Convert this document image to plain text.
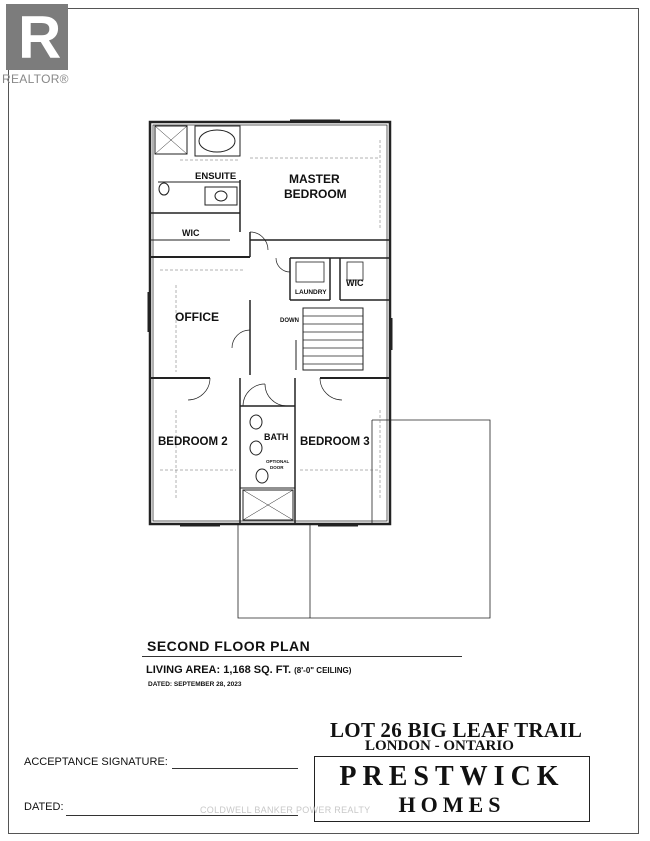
R
REALTOR®
ENSUITE	MASTER
BEDROOM
WIC
WIC
LAUNDRY
OFFICE	DOWN
BATH
BEDROOM 2	BEDROOM 3
OPTIONAL
DOOR
SECOND FLOOR PLAN
LIVING AREA: 1,168 SQ. FT. (8'-0" CEILING)
DATED: SEPTEMBER 28, 2023
LOT 26 BIG LEAF TRAIL
LONDON - ONTARIO
PRESTWICK
HOMES
ACCEPTANCE SIGNATURE:
DATED:	COLDWELL BANKER POWER REALTY
